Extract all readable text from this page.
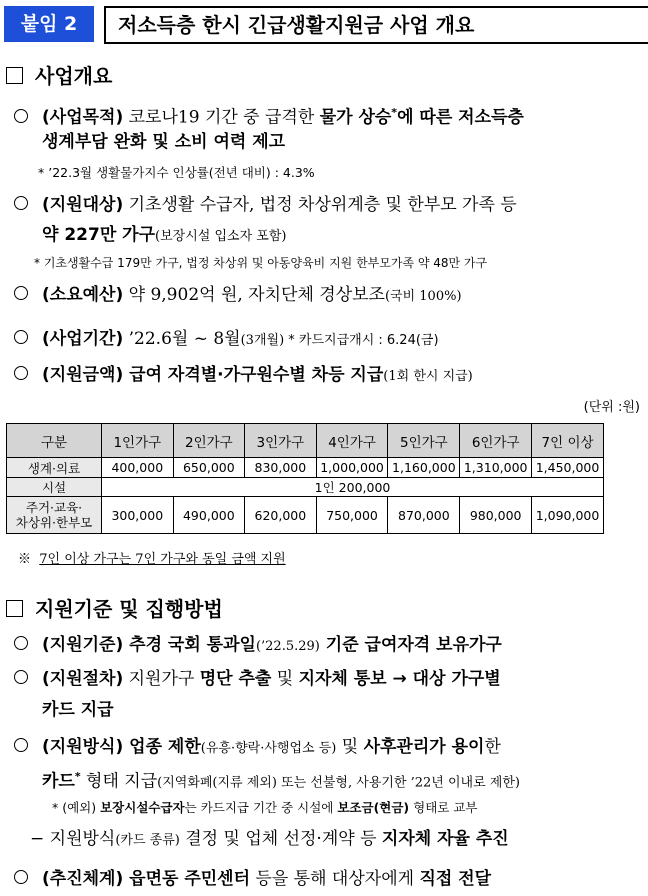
붙임 2	저소득층 한시 긴급생활지원금 사업 개요
사업개요
(사업목적) 코로나19 기간 중 급격한 물가 상승*에 따른 저소득층
생계부담 완화 및 소비 여력 제고
* ’22.3월 생활물가지수 인상률(전년 대비) : 4.3%
(지원대상) 기초생활 수급자, 법정 차상위계층 및 한부모 가족 등
약 227만 가구(보장시설 입소자 포함)
* 기초생활수급 179만 가구, 법정 차상위 및 아동양육비 지원 한부모가족 약 48만 가구
(소요예산) 약 9,902억 원, 자치단체 경상보조(국비 100%)
(사업기간) ’22.6월 ~ 8월(3개월) * 카드지급개시 : 6.24(금)
(지원금액) 급여 자격별·가구원수별 차등 지급(1회 한시 지급)
(단위 :원)
구분	1인가구	2인가구	3인가구	4인가구	5인가구	6인가구	7인 이상
생계·의료	400,000	650,000	830,000	1,000,000	1,160,000	1,310,000	1,450,000
시설	1인 200,000						
주거·교육·
차상위·한부모	300,000	490,000	620,000	750,000	870,000	980,000	1,090,000
※ 7인 이상 가구는 7인 가구와 동일 금액 지원
지원기준 및 집행방법
(지원기준) 추경 국회 통과일(’22.5.29) 기준 급여자격 보유가구
(지원절차) 지원가구 명단 추출 및 지자체 통보 → 대상 가구별
카드 지급
(지원방식) 업종 제한(유흥·향락·사행업소 등) 및 사후관리가 용이한
카드* 형태 지급(지역화폐(지류 제외) 또는 선불형, 사용기한 ’22년 이내로 제한)
* (예외) 보장시설수급자는 카드지급 기간 중 시설에 보조금(현금) 형태로 교부
− 지원방식(카드 종류) 결정 및 업체 선정·계약 등 지자체 자율 추진
(추진체계) 읍면동 주민센터 등을 통해 대상자에게 직접 전달
